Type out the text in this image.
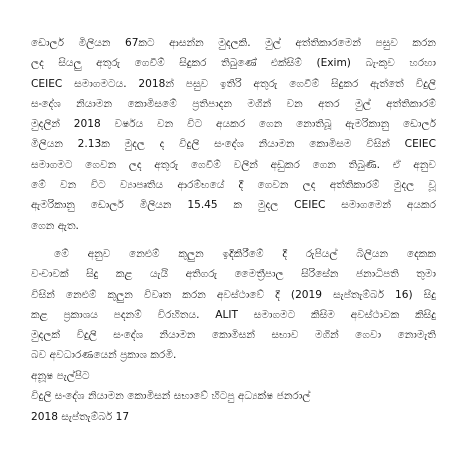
ඩොලර් මිලියන 67කට ආසන්න මුදලකි. මුල් අත්තිකාරමෙන් පසුව කරන
ලද සියලු අතුරු ගෙවීම් සිදුකර තිබුණේ එක්සිම් (Exim) බැංකුව හරහා
CEIEC සමාගමටය. 2018න් පසුව ඉතිරි අතුරු ගෙවීම් සිදුකර ඇත්තේ විදුලි
සංදේශ නියාමන කොමිසමේ ප්‍රතිපාදන මගින් වන අතර මුල් අත්තිකාරම්
මුදලින් 2018 වර්ෂය වන විට අයකර ගෙන නොතිබූ ඇමරිකානු ඩොලර්
මිලියන 2.13ක මුදල ද විදුලි සංදේශ නියාමන කොමිසම විසින් CEIEC
සමාගමට ගෙවන ලද අතුරු ගෙවීම් වලින් අඩුකර ගෙන තිබුණි. ඒ අනුව
මේ වන විට ව්‍යාපෘතිය ආරම්භයේ දී ගෙවන ලද අත්තිකාරම් මුදල වූ
ඇමරිකානු ඩොලර් මිලියන 15.45 ක මුදල CEIEC සමාගමෙන් අයකර
ගෙන ඇත.
මේ අනුව නෙළුම් කුලුන ඉදිකිරීමේ දී රුපියල් බිලියන දෙකක
වංචාවක් සිදු කළ යැයි අතිගරු මෛත්‍රීපාල සිරිසේන ජනාධිපති තුමා
විසින් නෙළුම් කුලුන විවෘත කරන අවස්ථාවේ දී (2019 සැප්තැම්බර් 16) සිදු
කළ ප්‍රකාශය පදනම් විරහිතය. ALIT සමාගමට කිසිම අවස්ථාවක කිසිදු
මුදලක් විදුලි සංදේශ නියාමන කොමිසන් සභාව මගින් ගෙවා නොමැති
බව අවධාරණයෙන් ප්‍රකාශ කරමි.
අනූෂ පැල්පිට
විදුලි සංදේශ නියාමන කොමිසන් සභාවේ හිටපු අධ්‍යක්ෂ ජනරාල්
2018 සැප්තැම්බර් 17
